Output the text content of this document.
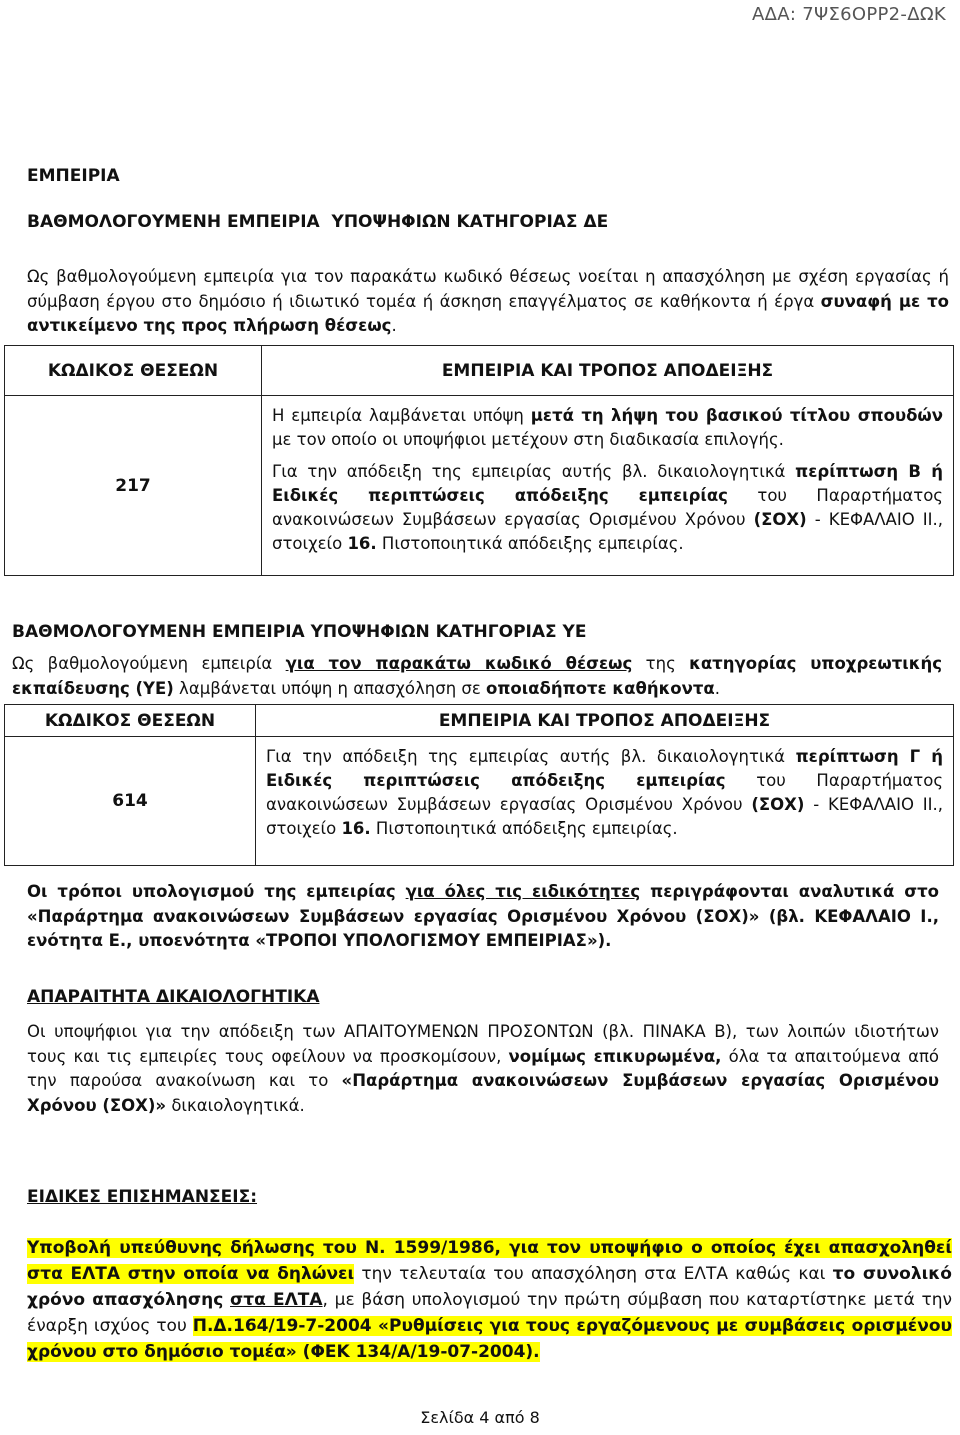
ΑΔΑ: 7ΨΣ6ΟΡΡ2-ΔΩΚ
ΕΜΠΕΙΡΙΑ
ΒΑΘΜΟΛΟΓΟΥΜΕΝΗ ΕΜΠΕΙΡΙΑ  ΥΠΟΨΗΦΙΩΝ ΚΑΤΗΓΟΡΙΑΣ ΔΕ
Ως βαθμολογούμενη εμπειρία για τον παρακάτω κωδικό θέσεως νοείται η απασχόληση με σχέση εργασίας ή σύμβαση έργου στο δημόσιο ή ιδιωτικό τομέα ή άσκηση επαγγέλματος σε καθήκοντα ή έργα συναφή με το αντικείμενο της προς πλήρωση θέσεως.
ΚΩΔΙΚΟΣ ΘΕΣΕΩΝ	ΕΜΠΕΙΡΙΑ ΚΑΙ ΤΡΟΠΟΣ ΑΠΟΔΕΙΞΗΣ
217	Η εμπειρία λαμβάνεται υπόψη μετά τη λήψη του βασικού τίτλου σπουδών με τον οποίο οι υποψήφιοι μετέχουν στη διαδικασία επιλογής.

Για την απόδειξη της εμπειρίας αυτής βλ. δικαιολογητικά περίπτωση Β ή Ειδικές περιπτώσεις απόδειξης εμπειρίας του Παραρτήματος ανακοινώσεων Συμβάσεων εργασίας Ορισμένου Χρόνου (ΣΟΧ) - ΚΕΦΑΛΑΙΟ ΙΙ., στοιχείο 16. Πιστοποιητικά απόδειξης εμπειρίας.

ΒΑΘΜΟΛΟΓΟΥΜΕΝΗ ΕΜΠΕΙΡΙΑ ΥΠΟΨΗΦΙΩΝ ΚΑΤΗΓΟΡΙΑΣ ΥΕ
Ως βαθμολογούμενη εμπειρία για τον παρακάτω κωδικό θέσεως της κατηγορίας υποχρεωτικής εκπαίδευσης (ΥΕ) λαμβάνεται υπόψη η απασχόληση σε οποιαδήποτε καθήκοντα.
ΚΩΔΙΚΟΣ ΘΕΣΕΩΝ	ΕΜΠΕΙΡΙΑ ΚΑΙ ΤΡΟΠΟΣ ΑΠΟΔΕΙΞΗΣ
614	Για την απόδειξη της εμπειρίας αυτής βλ. δικαιολογητικά περίπτωση Γ ή Ειδικές περιπτώσεις απόδειξης εμπειρίας του Παραρτήματος ανακοινώσεων Συμβάσεων εργασίας Ορισμένου Χρόνου (ΣΟΧ) - ΚΕΦΑΛΑΙΟ ΙΙ., στοιχείο 16. Πιστοποιητικά απόδειξης εμπειρίας.

Οι τρόποι υπολογισμού της εμπειρίας για όλες τις ειδικότητες περιγράφονται αναλυτικά στο «Παράρτημα ανακοινώσεων Συμβάσεων εργασίας Ορισμένου Χρόνου (ΣΟΧ)» (βλ. ΚΕΦΑΛΑΙΟ Ι., ενότητα Ε., υποενότητα «ΤΡΟΠΟΙ ΥΠΟΛΟΓΙΣΜΟΥ ΕΜΠΕΙΡΙΑΣ»).
ΑΠΑΡΑΙΤΗΤΑ ΔΙΚΑΙΟΛΟΓΗΤΙΚΑ
Οι υποψήφιοι για την απόδειξη των ΑΠΑΙΤΟΥΜΕΝΩΝ ΠΡΟΣΟΝΤΩΝ (βλ. ΠΙΝΑΚΑ Β), των λοιπών ιδιοτήτων τους και τις εμπειρίες τους οφείλουν να προσκομίσουν, νομίμως επικυρωμένα, όλα τα απαιτούμενα από την παρούσα ανακοίνωση και το «Παράρτημα ανακοινώσεων Συμβάσεων εργασίας Ορισμένου Χρόνου (ΣΟΧ)» δικαιολογητικά.
ΕΙΔΙΚΕΣ ΕΠΙΣΗΜΑΝΣΕΙΣ:
Υποβολή υπεύθυνης δήλωσης του Ν. 1599/1986, για τον υποψήφιο ο οποίος έχει απασχοληθεί στα ΕΛΤΑ στην οποία να δηλώνει την τελευταία του απασχόληση στα ΕΛΤΑ καθώς και το συνολικό χρόνο απασχόλησης στα ΕΛΤΑ, με βάση υπολογισμού την πρώτη σύμβαση που καταρτίστηκε μετά την έναρξη ισχύος του Π.Δ.164/19-7-2004 «Ρυθμίσεις για τους εργαζόμενους με συμβάσεις ορισμένου χρόνου στο δημόσιο τομέα» (ΦΕΚ 134/Α/19-07-2004).
Σελίδα 4 από 8
